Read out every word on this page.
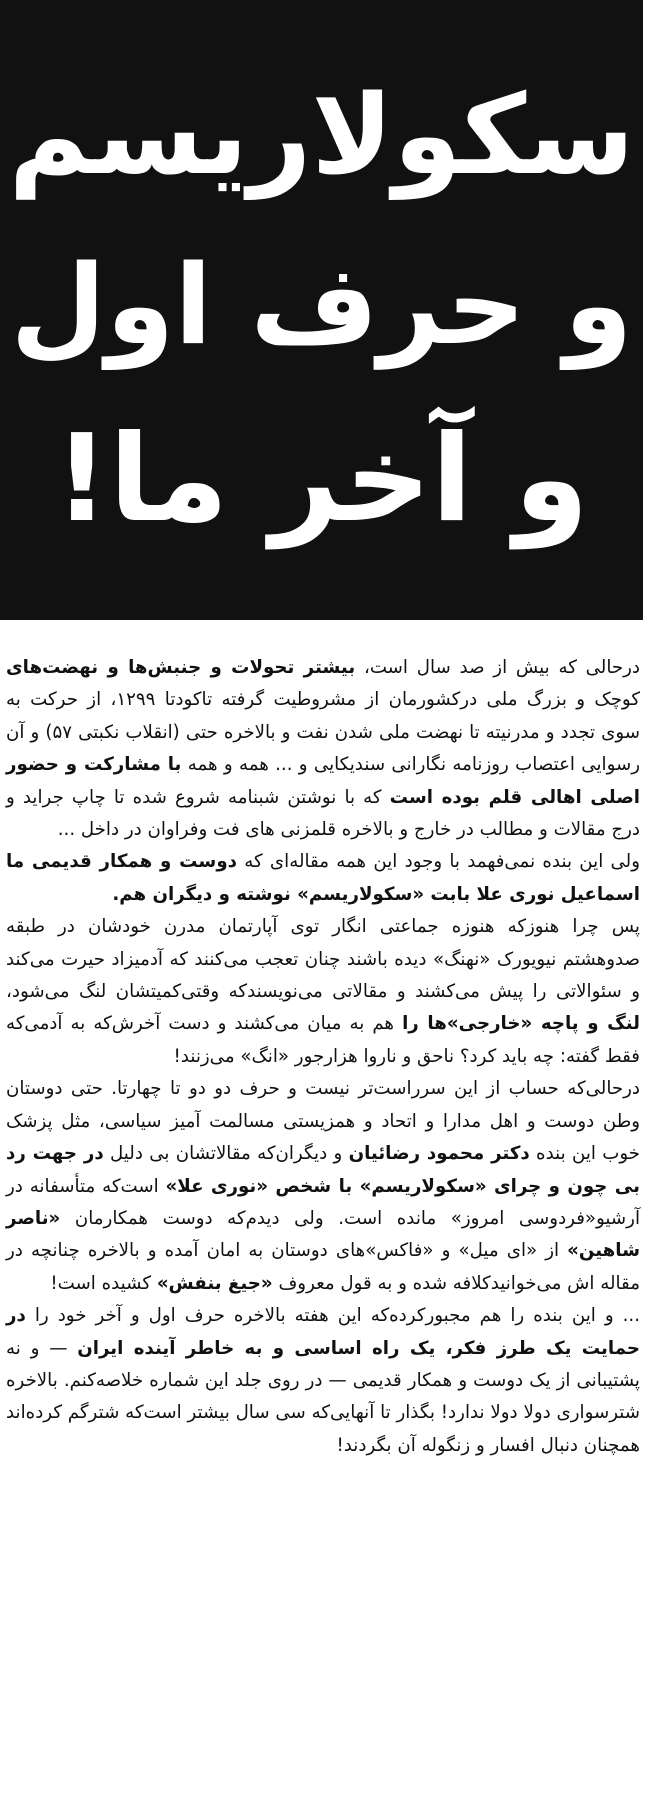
سکولاریسم
و حرف اول
و آخر ما!

درحالی که بیش از صد سال است، بیشتر تحولات و جنبش‌ها و نهضت‌های کوچک و بزرگ ملی درکشورمان از مشروطیت گرفته تاکودتا ۱۲۹۹، از حرکت به سوی تجدد و مدرنیته تا نهضت ملی شدن نفت و بالاخره حتی (انقلاب نکبتی ۵۷) و آن رسوایی اعتصاب روزنامه نگارانی سندیکایی و ... همه و همه با مشارکت و حضور اصلی اهالی قلم بوده است که با نوشتن شبنامه شروع شده تا چاپ جراید و درج مقالات و مطالب در خارج و بالاخره قلمزنی های فت وفراوان در داخل ...

ولی این بنده نمی‌فهمد با وجود این همه مقاله‌ای که دوست و همکار قدیمی ما اسماعیل نوری علا بابت «سکولاریسم» نوشته و دیگران هم.

پس چرا هنوزکه هنوزه جماعتی انگار توی آپارتمان مدرن خودشان در طبقه صدوهشتم نیویورک «نهنگ» دیده باشند چنان تعجب می‌کنند که آدمیزاد حیرت می‌کند و سئوالاتی را پیش می‌کشند و مقالاتی می‌نویسندکه وقتی‌کمیتشان لنگ می‌شود، لنگ و پاچه «خارجی»ها را هم به میان می‌کشند و دست آخرش‌که به آدمی‌که فقط گفته: چه باید کرد؟ ناحق و ناروا هزارجور «انگ» می‌زنند!

درحالی‌که حساب از این سرراست‌تر نیست و حرف دو دو تا چهارتا. حتی دوستان وطن دوست و اهل مدارا و اتحاد و همزیستی مسالمت آمیز سیاسی، مثل پزشک خوب این بنده دکتر محمود رضائیان و دیگران‌که مقالاتشان بی دلیل در جهت رد بی چون و چرای «سکولاریسم» با شخص «نوری علا» است‌که متأسفانه در آرشیو«فردوسی امروز» مانده است. ولی دیدم‌که دوست همکارمان «ناصر شاهین» از «ای میل» و «فاکس»های دوستان به امان آمده و بالاخره چنانچه در مقاله اش می‌خوانیدکلافه شده و به قول معروف «جیغ بنفش» کشیده است!

... و این بنده را هم مجبورکرده‌که این هفته بالاخره حرف اول و آخر خود را در حمایت یک طرز فکر، یک راه اساسی و به خاطر آینده ایران — و نه پشتیبانی از یک دوست و همکار قدیمی — در روی جلد این شماره خلاصه‌کنم. بالاخره شترسواری دولا دولا ندارد! بگذار تا آنهایی‌که سی سال بیشتر است‌که شترگم کرده‌اند همچنان دنبال افسار و زنگوله آن بگردند!
